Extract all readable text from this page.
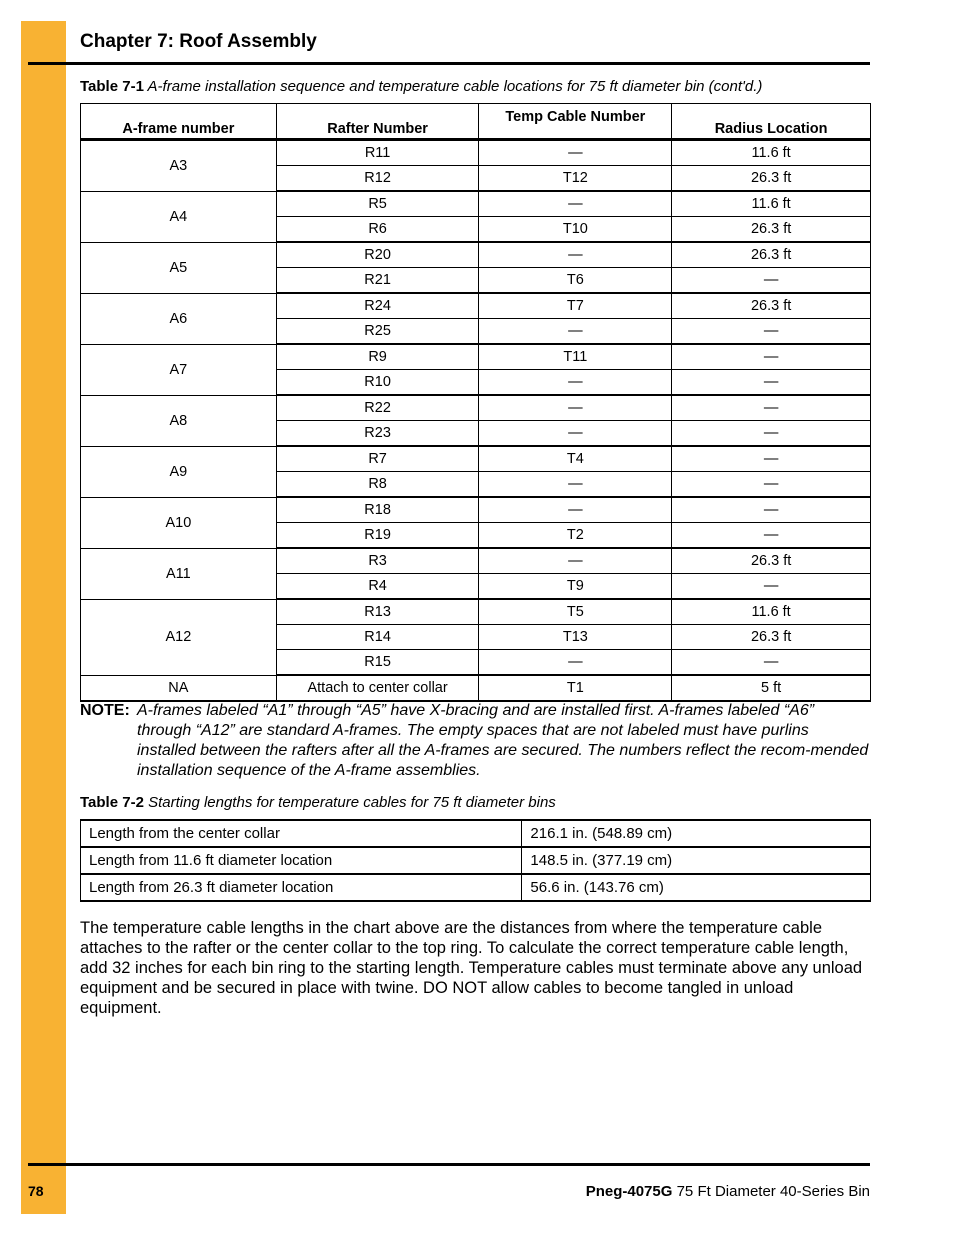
Chapter 7: Roof Assembly
Table 7-1 A-frame installation sequence and temperature cable locations for 75 ft diameter bin (cont'd.)
A-frame number	Rafter Number	Temp Cable Number	Radius Location
A3	R11	—	11.6 ft
	R12	T12	26.3 ft
A4	R5	—	11.6 ft
	R6	T10	26.3 ft
A5	R20	—	26.3 ft
	R21	T6	—
A6	R24	T7	26.3 ft
	R25	—	—
A7	R9	T11	—
	R10	—	—
A8	R22	—	—
	R23	—	—
A9	R7	T4	—
	R8	—	—
A10	R18	—	—
	R19	T2	—
A11	R3	—	26.3 ft
	R4	T9	—
A12	R13	T5	11.6 ft
	R14	T13	26.3 ft
	R15	—	—
NA	Attach to center collar	T1	5 ft
NOTE: A-frames labeled “A1” through “A5” have X-bracing and are installed first. A-frames labeled “A6” through “A12” are standard A-frames. The empty spaces that are not labeled must have purlins installed between the rafters after all the A-frames are secured. The numbers reflect the recom-mended installation sequence of the A-frame assemblies.
Table 7-2 Starting lengths for temperature cables for 75 ft diameter bins
Length from the center collar	216.1 in. (548.89 cm)
Length from 11.6 ft diameter location	148.5 in. (377.19 cm)
Length from 26.3 ft diameter location	56.6 in. (143.76 cm)
The temperature cable lengths in the chart above are the distances from where the temperature cable attaches to the rafter or the center collar to the top ring. To calculate the correct temperature cable length, add 32 inches for each bin ring to the starting length. Temperature cables must terminate above any unload equipment and be secured in place with twine. DO NOT allow cables to become tangled in unload equipment.
78	Pneg-4075G 75 Ft Diameter 40-Series Bin
